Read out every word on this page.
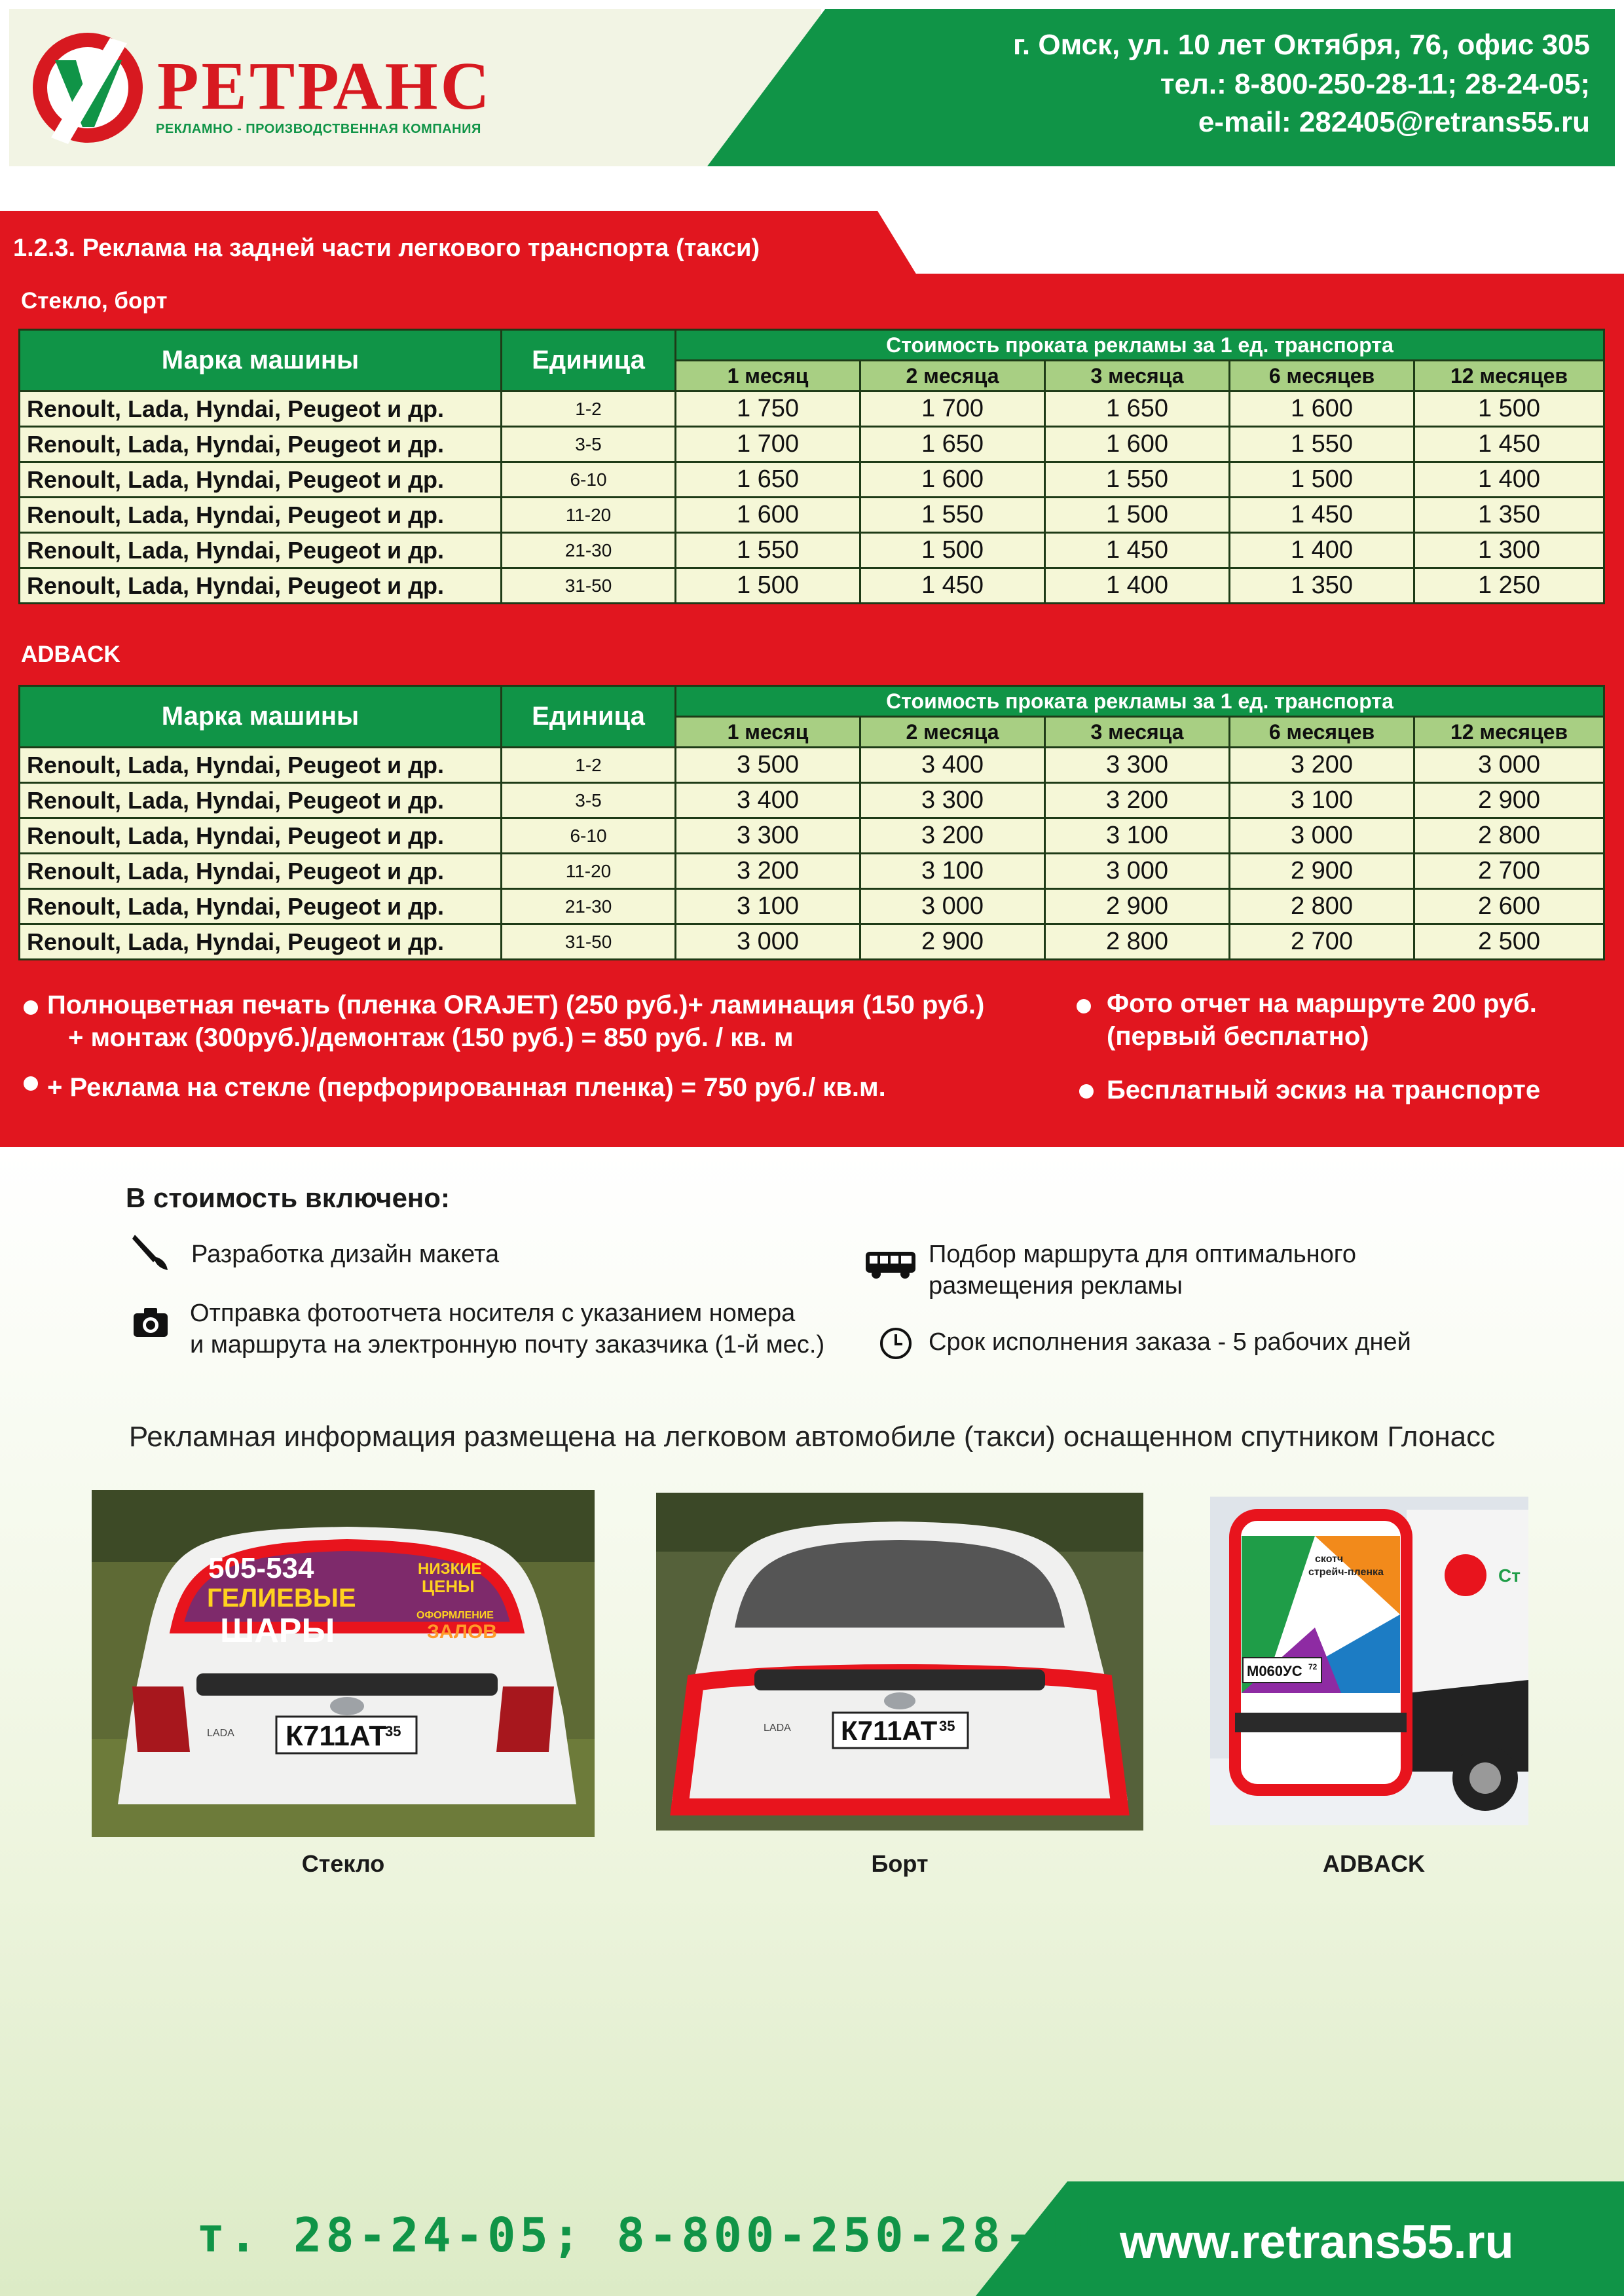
РЕТРАНС
РЕКЛАМНО - ПРОИЗВОДСТВЕННАЯ КОМПАНИЯ
г. Омск, ул. 10 лет Октября, 76, офис 305
тел.: 8-800-250-28-11; 28-24-05;
e-mail: 282405@retrans55.ru
1.2.3. Реклама на задней части легкового транспорта (такси)
Стекло, борт
Марка машины	Единица	Стоимость проката рекламы за 1 ед. транспорта				
		1 месяц	2 месяца	3 месяца	6 месяцев	12 месяцев
Renoult, Lada, Hyndai, Peugeot и др.	1-2	1 750	1 700	1 650	1 600	1 500
Renoult, Lada, Hyndai, Peugeot и др.	3-5	1 700	1 650	1 600	1 550	1 450
Renoult, Lada, Hyndai, Peugeot и др.	6-10	1 650	1 600	1 550	1 500	1 400
Renoult, Lada, Hyndai, Peugeot и др.	11-20	1 600	1 550	1 500	1 450	1 350
Renoult, Lada, Hyndai, Peugeot и др.	21-30	1 550	1 500	1 450	1 400	1 300
Renoult, Lada, Hyndai, Peugeot и др.	31-50	1 500	1 450	1 400	1 350	1 250
ADBACK
Марка машины	Единица	Стоимость проката рекламы за 1 ед. транспорта				
		1 месяц	2 месяца	3 месяца	6 месяцев	12 месяцев
Renoult, Lada, Hyndai, Peugeot и др.	1-2	3 500	3 400	3 300	3 200	3 000
Renoult, Lada, Hyndai, Peugeot и др.	3-5	3 400	3 300	3 200	3 100	2 900
Renoult, Lada, Hyndai, Peugeot и др.	6-10	3 300	3 200	3 100	3 000	2 800
Renoult, Lada, Hyndai, Peugeot и др.	11-20	3 200	3 100	3 000	2 900	2 700
Renoult, Lada, Hyndai, Peugeot и др.	21-30	3 100	3 000	2 900	2 800	2 600
Renoult, Lada, Hyndai, Peugeot и др.	31-50	3 000	2 900	2 800	2 700	2 500
Полноцветная печать (пленка ORAJET) (250 руб.)+ ламинация (150 руб.)
+ монтаж (300руб.)/демонтаж (150 руб.) = 850 руб. / кв. м
+ Реклама на стекле (перфорированная пленка) = 750 руб./ кв.м.
Фото отчет на маршруте 200 руб.
(первый бесплатно)
Бесплатный эскиз на транспорте
В стоимость включено:
Разработка дизайн макета
Отправка фотоотчета носителя с указанием номера
и маршрута на электронную почту заказчика (1-й мес.)
Подбор маршрута для оптимального
размещения рекламы
Срок исполнения заказа - 5 рабочих дней
Рекламная информация размещена на легковом автомобиле (такси) оснащенном спутником Глонасс
К711АТ
35
LADA
505-534
ГЕЛИЕВЫЕ
ШАРЫ
НИЗКИЕ
ЦЕНЫ
ОФОРМЛЕНИЕ
ЗАЛОВ
Стекло
К711АТ 35
LADA
Борт
М060УС 72
скотч
стрейч-пленка	Ст
ADBACK
т. 28-24-05; 8-800-250-28-11 www.retrans55.ru
